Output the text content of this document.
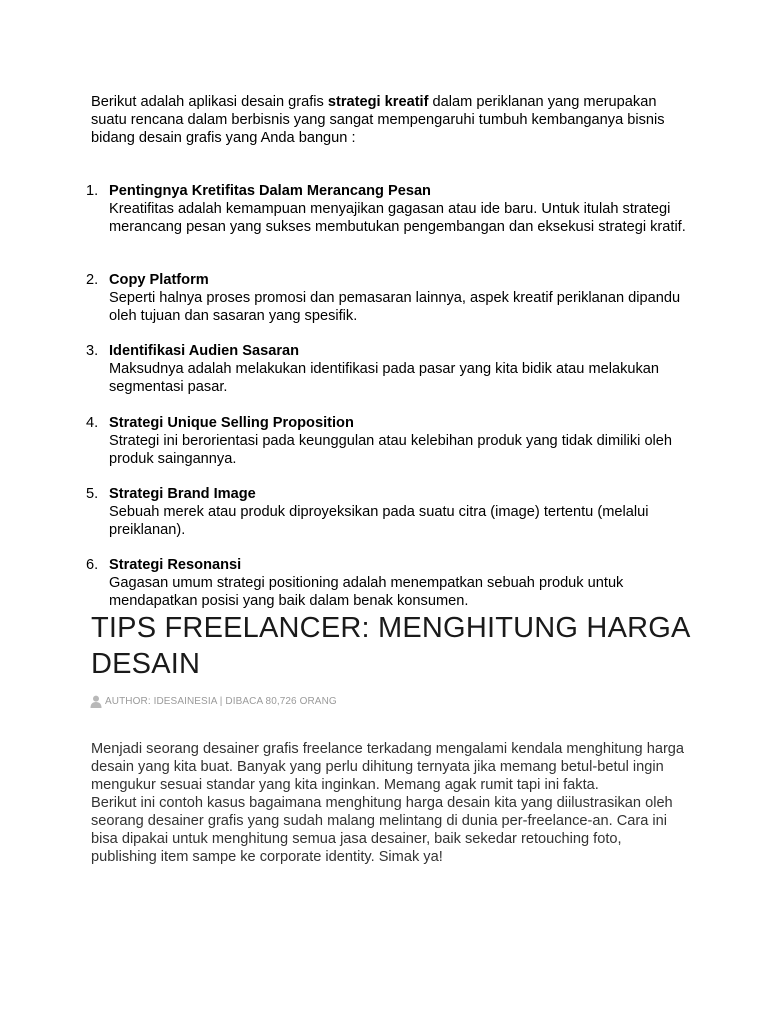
Berikut adalah aplikasi desain grafis strategi kreatif dalam periklanan yang merupakan suatu rencana dalam berbisnis yang sangat mempengaruhi tumbuh kembanganya bisnis bidang desain grafis yang Anda bangun :

1. Pentingnya Kretifitas Dalam Merancang Pesan
Kreatifitas adalah kemampuan menyajikan gagasan atau ide baru. Untuk itulah strategi merancang pesan yang sukses membutukan pengembangan dan eksekusi strategi kratif.
2. Copy Platform
Seperti halnya proses promosi dan pemasaran lainnya, aspek kreatif periklanan dipandu oleh tujuan dan sasaran yang spesifik.
3. Identifikasi Audien Sasaran
Maksudnya adalah melakukan identifikasi pada pasar yang kita bidik atau melakukan segmentasi pasar.
4. Strategi Unique Selling Proposition
Strategi ini berorientasi pada keunggulan atau kelebihan produk yang tidak dimiliki oleh produk saingannya.
5. Strategi Brand Image
Sebuah merek atau produk diproyeksikan pada suatu citra (image) tertentu (melalui preiklanan).
6. Strategi Resonansi
Gagasan umum strategi positioning adalah menempatkan sebuah produk untuk mendapatkan posisi yang baik dalam benak konsumen.
TIPS FREELANCER: MENGHITUNG HARGA DESAIN
AUTHOR: IDESAINESIA | DIBACA 80,726 ORANG

Menjadi seorang desainer grafis freelance terkadang mengalami kendala menghitung harga desain yang kita buat. Banyak yang perlu dihitung ternyata jika memang betul-betul ingin mengukur sesuai standar yang kita inginkan. Memang agak rumit tapi ini fakta.

Berikut ini contoh kasus bagaimana menghitung harga desain kita yang diilustrasikan oleh seorang desainer grafis yang sudah malang melintang di dunia per-freelance-an. Cara ini bisa dipakai untuk menghitung semua jasa desainer, baik sekedar retouching foto, publishing item sampe ke corporate identity. Simak ya!
